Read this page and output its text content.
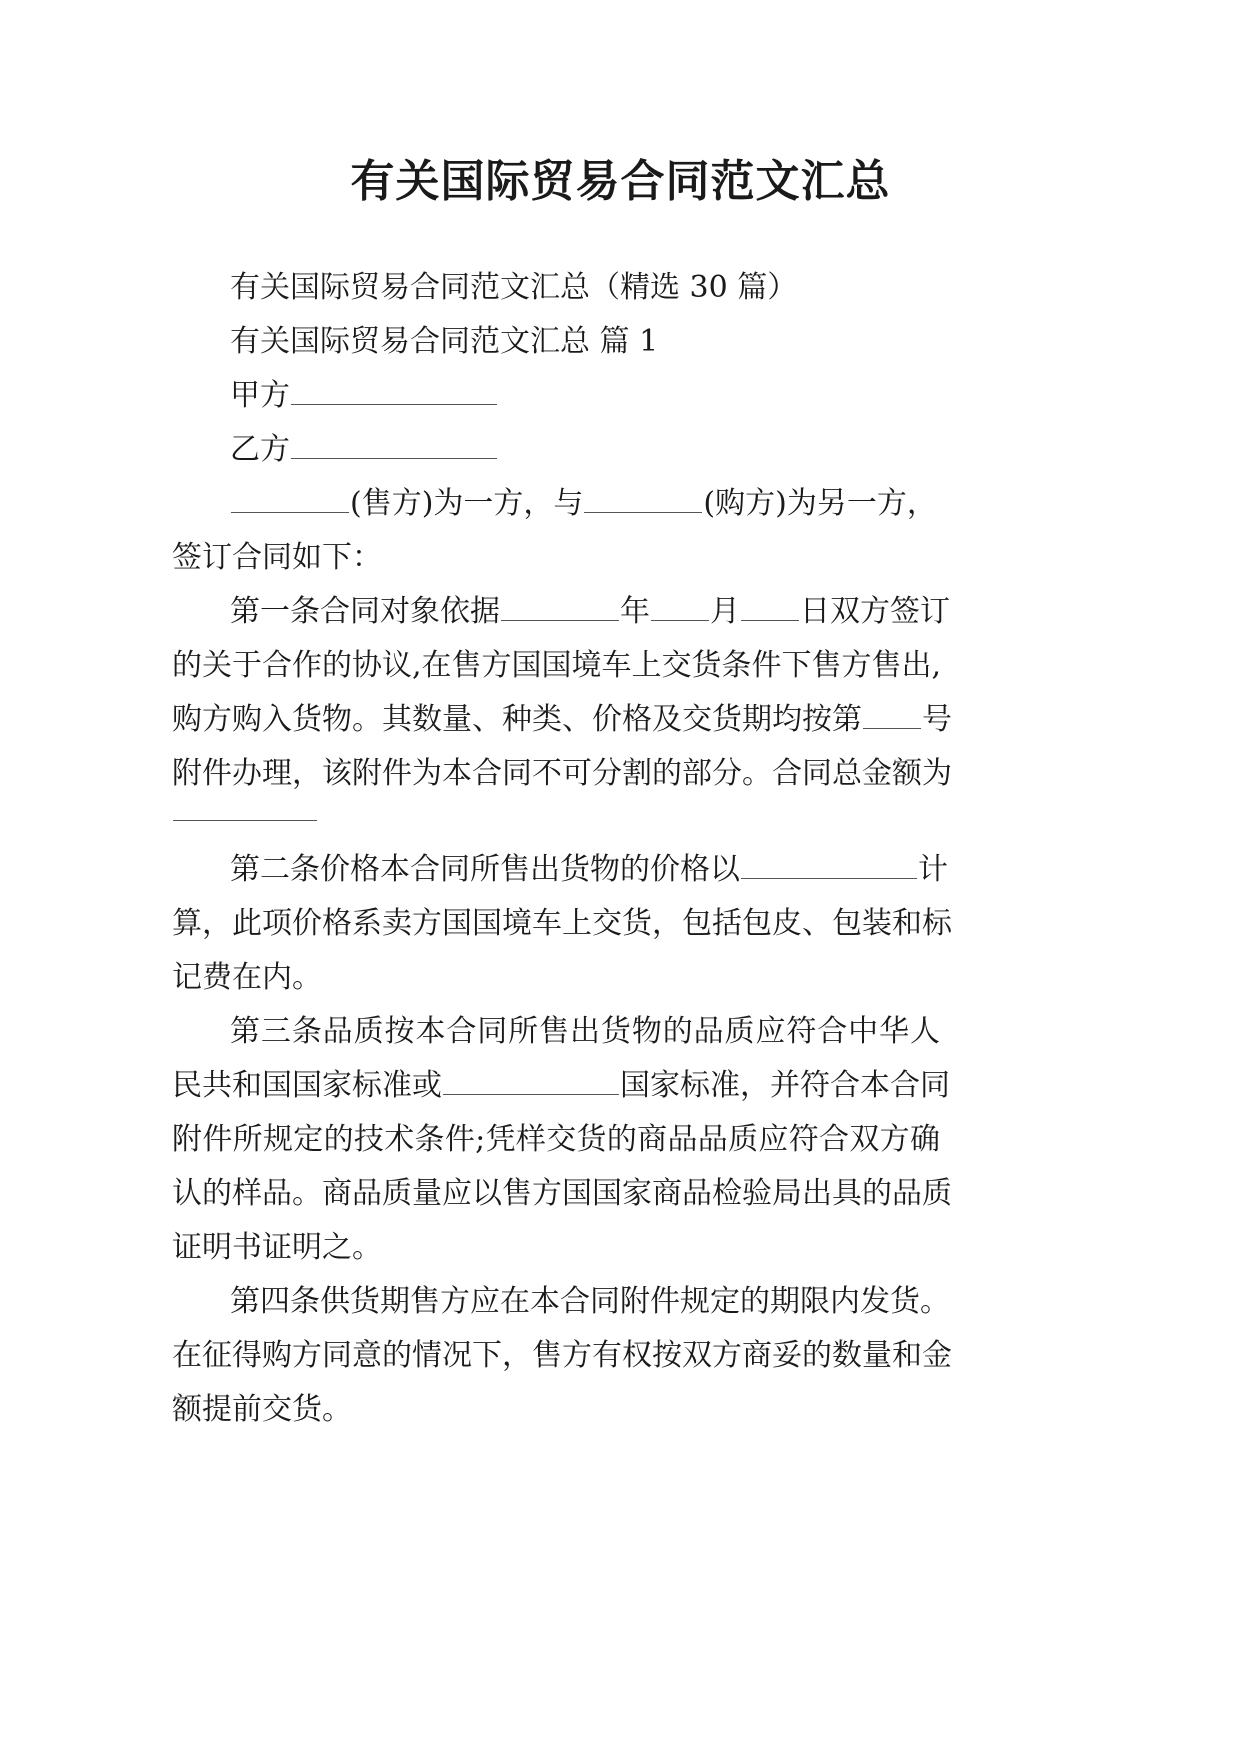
有关国际贸易合同范文汇总

有关国际贸易合同范文汇总（精选 30 篇）

有关国际贸易合同范文汇总 篇 1

甲方

乙方

(售方)为一方，与	(购方)为另一方，

签订合同如下：

第一条合同对象依据	年 月 日双方签订

的关于合作的协议,在售方国国境车上交货条件下售方售出,

购方购入货物。其数量、种类、价格及交货期均按第 号

附件办理，该附件为本合同不可分割的部分。合同总金额为

第二条价格本合同所售出货物的价格以	计

算，此项价格系卖方国国境车上交货，包括包皮、包装和标

记费在内。

第三条品质按本合同所售出货物的品质应符合中华人

民共和国国家标准或	国家标准，并符合本合同

附件所规定的技术条件;凭样交货的商品品质应符合双方确

认的样品。商品质量应以售方国国家商品检验局出具的品质

证明书证明之。

第四条供货期售方应在本合同附件规定的期限内发货。

在征得购方同意的情况下，售方有权按双方商妥的数量和金

额提前交货。
